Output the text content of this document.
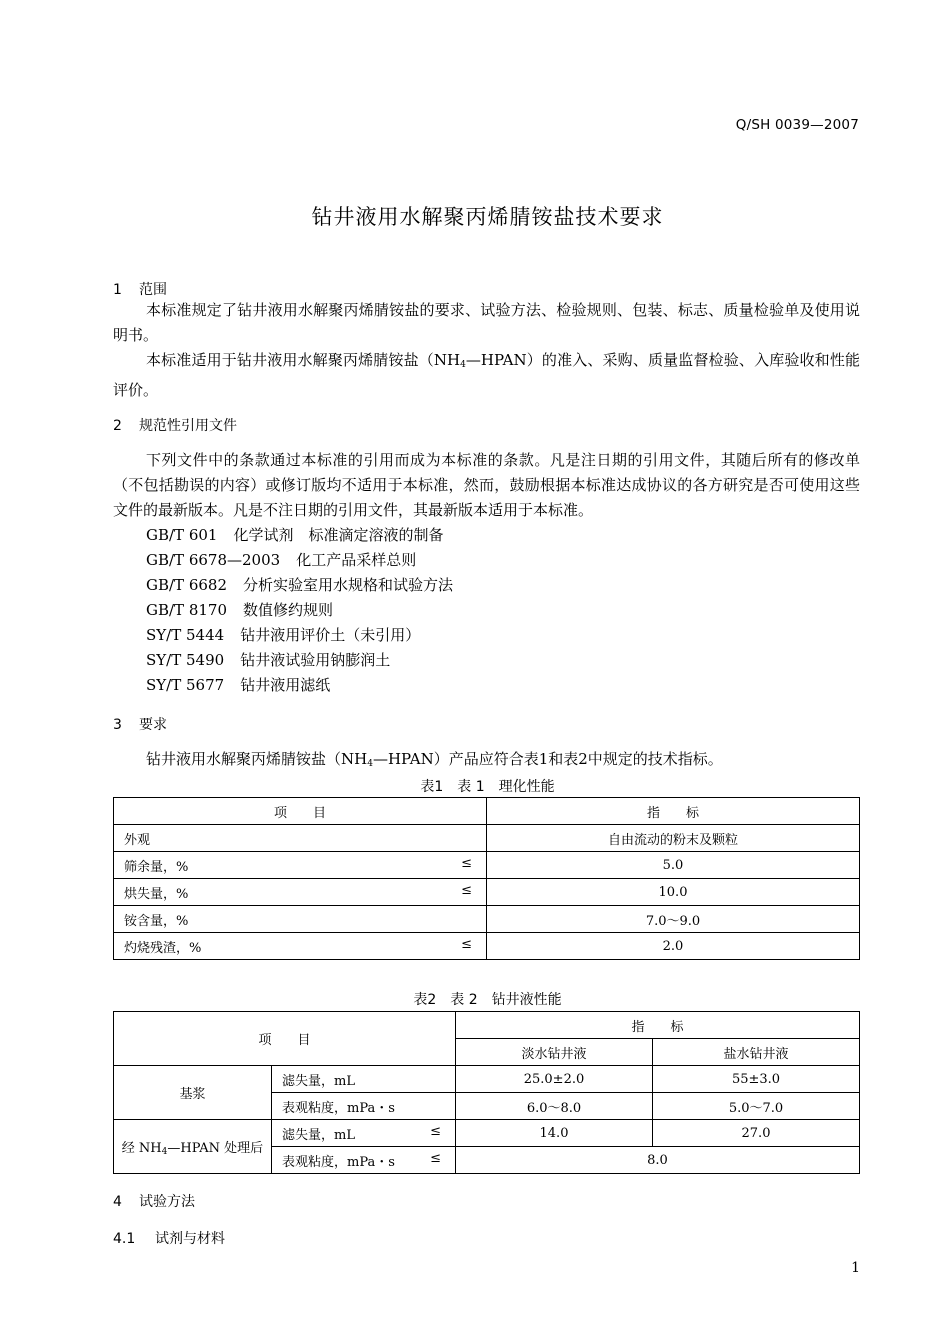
Q/SH 0039—2007
钻井液用水解聚丙烯腈铵盐技术要求
1 范围
本标准规定了钻井液用水解聚丙烯腈铵盐的要求、试验方法、检验规则、包装、标志、质量检验单及使用说明书。
本标准适用于钻井液用水解聚丙烯腈铵盐$(NH_4—HPAN)$的准入、采购、质量监督检验、入库验收和性能评价。
2 规范性引用文件
下列文件中的条款通过本标准的引用而成为本标准的条款。凡是注日期的引用文件，其随后所有的修改单（不包括勘误的内容）或修订版均不适用于本标准，然而，鼓励根据本标准达成协议的各方研究是否可使用这些文件的最新版本。凡是不注日期的引用文件，其最新版本适用于本标准。
GB/T 601 化学试剂　标准滴定溶液的制备
GB/T 6678—2003 化工产品采样总则
GB/T 6682 分析实验室用水规格和试验方法
GB/T 8170 数值修约规则
SY/T 5444 钻井液用评价土（未引用）
SY/T 5490 钻井液试验用钠膨润土
SY/T 5677 钻井液用滤纸
3 要求
钻井液用水解聚丙烯腈铵盐$(NH_4—HPAN)$产品应符合表1和表2中规定的技术指标。
表1　表 1　理化性能
项　　目	指　　标

外观	自由流动的粉末及颗粒

筛余量，% ≤	5.0

烘失量，% ≤	10.0

铵含量，%	7.0～9.0

灼烧残渣，% ≤	2.0
表2　表 2　钻井液性能
项　　目		指　　标	
		淡水钻井液	盐水钻井液
基浆	滤失量，mL	25.0±2.0	55±3.0
	表观粘度，mPa・s	6.0～8.0	5.0～7.0
经 $NH_4—HPAN$ 处理后	滤失量，mL ≤	14.0	27.0

	表观粘度，mPa・s ≤	8.0	
4 试验方法
4.1 试剂与材料
1
